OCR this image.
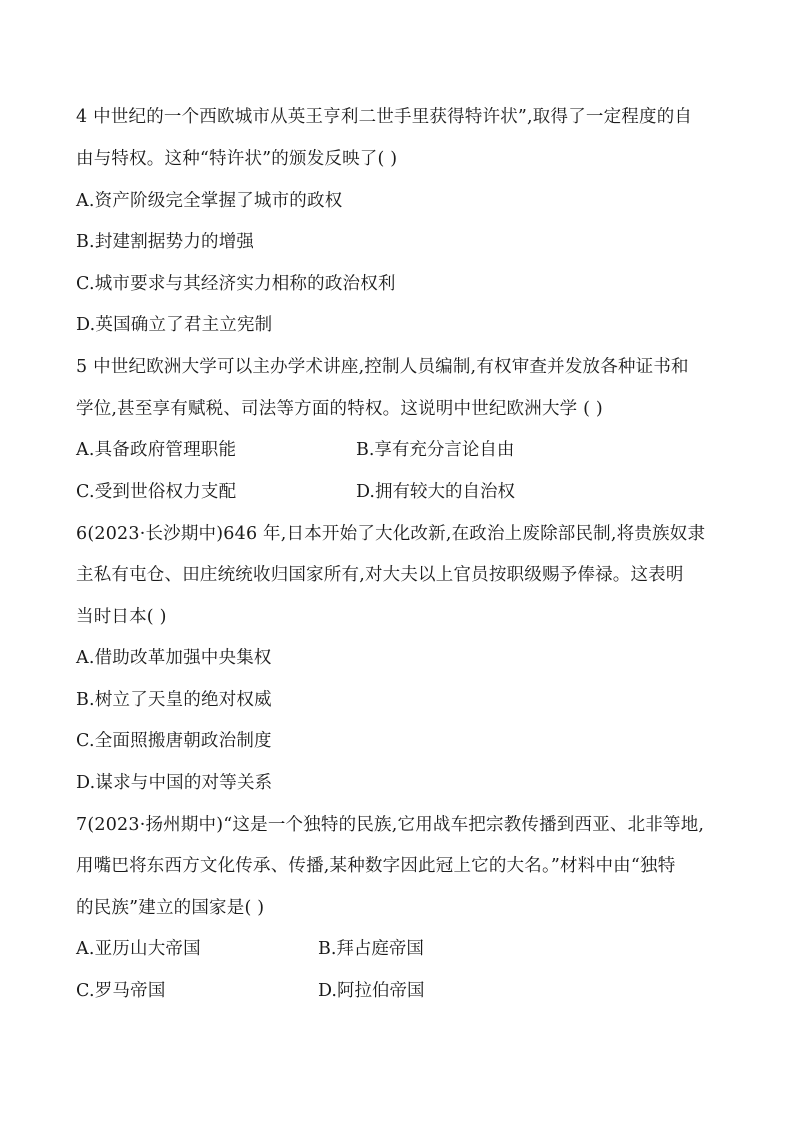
4 中世纪的一个西欧城市从英王亨利二世手里获得特许状”,取得了一定程度的自
由与特权。这种“特许状”的颁发反映了( )
A.资产阶级完全掌握了城市的政权
B.封建割据势力的增强
C.城市要求与其经济实力相称的政治权利
D.英国确立了君主立宪制
5 中世纪欧洲大学可以主办学术讲座,控制人员编制,有权审查并发放各种证书和
学位,甚至享有赋税、司法等方面的特权。这说明中世纪欧洲大学 ( )
A.具备政府管理职能	B.享有充分言论自由
C.受到世俗权力支配	D.拥有较大的自治权
6(2023·长沙期中)646 年,日本开始了大化改新,在政治上废除部民制,将贵族奴隶
主私有屯仓、田庄统统收归国家所有,对大夫以上官员按职级赐予俸禄。这表明
当时日本( )
A.借助改革加强中央集权
B.树立了天皇的绝对权威
C.全面照搬唐朝政治制度
D.谋求与中国的对等关系
7(2023·扬州期中)“这是一个独特的民族,它用战车把宗教传播到西亚、北非等地,
用嘴巴将东西方文化传承、传播,某种数字因此冠上它的大名。”材料中由“独特
的民族”建立的国家是( )
A.亚历山大帝国	B.拜占庭帝国
C.罗马帝国	D.阿拉伯帝国
